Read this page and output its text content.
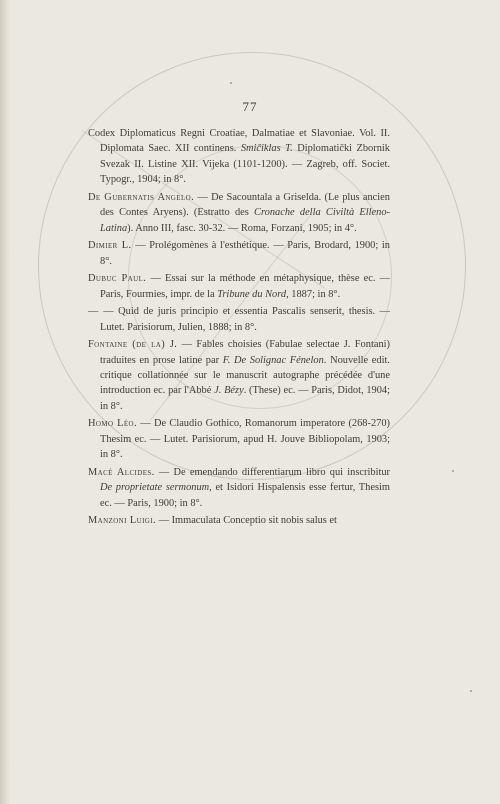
77

Codex Diplomaticus Regni Croatiae, Dalmatiae et Slavoniae. Vol. II. Diplomata Saec. XII continens. Smičiklas T. Diplomatički Zbornik Svezak II. Listine XII. Vijeka (1101-1200). — Zagreb, off. Societ. Typogr., 1904; in 8°.

De Gubernatis Angelo. — De Sacountala a Griselda. (Le plus ancien des Contes Aryens). (Estratto des Cronache della Civiltà Elleno-Latina). Anno III, fasc. 30-32. — Roma, Forzani, 1905; in 4°.

Dimier L. — Prolégomènes à l'esthétique. — Paris, Brodard, 1900; in 8°.

Dubuc Paul. — Essai sur la méthode en métaphysique, thèse ec. — Paris, Fourmies, impr. de la Tribune du Nord, 1887; in 8°.

— — Quid de juris principio et essentia Pascalis senserit, thesis. — Lutet. Parisiorum, Julien, 1888; in 8°.

Fontaine (de la) J. — Fables choisies (Fabulae selectae J. Fontani) traduites en prose latine par F. De Solignac Fénelon. Nouvelle edit. critique collationnée sur le manuscrit autographe précédée d'une introduction ec. par l'Abbé J. Bézy. (These) ec. — Paris, Didot, 1904; in 8°.

Homo Léo. — De Claudio Gothico, Romanorum imperatore (268-270) Thesim ec. — Lutet. Parisiorum, apud H. Jouve Bibliopolam, 1903; in 8°.

Macé Alcides. — De emendando differentiarum libro qui inscribitur De proprietate sermonum, et Isidori Hispalensis esse fertur, Thesim ec. — Paris, 1900; in 8°.

Manzoni Luigi. — Immaculata Conceptio sit nobis salus et
